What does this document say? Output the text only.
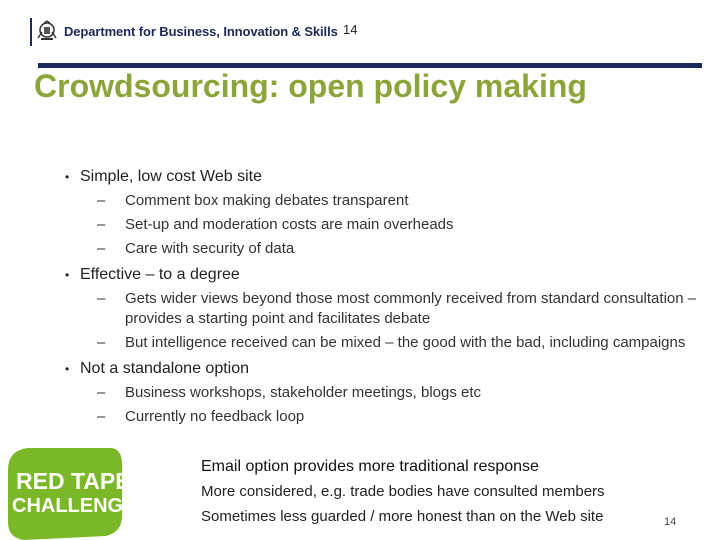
Department for Business, Innovation & Skills 14
Crowdsourcing: open policy making
• Simple, low cost Web site
– Comment box making debates transparent
– Set-up and moderation costs are main overheads
– Care with security of data
• Effective – to a degree
– Gets wider views beyond those most commonly received from standard consultation – provides a starting point and facilitates debate
– But intelligence received can be mixed – the good with the bad, including campaigns
• Not a standalone option
– Business workshops, stakeholder meetings, blogs etc
– Currently no feedback loop
RED TAPE
CHALLENGE
Email option provides more traditional response
More considered, e.g. trade bodies have consulted members
Sometimes less guarded / more honest than on the Web site	14
